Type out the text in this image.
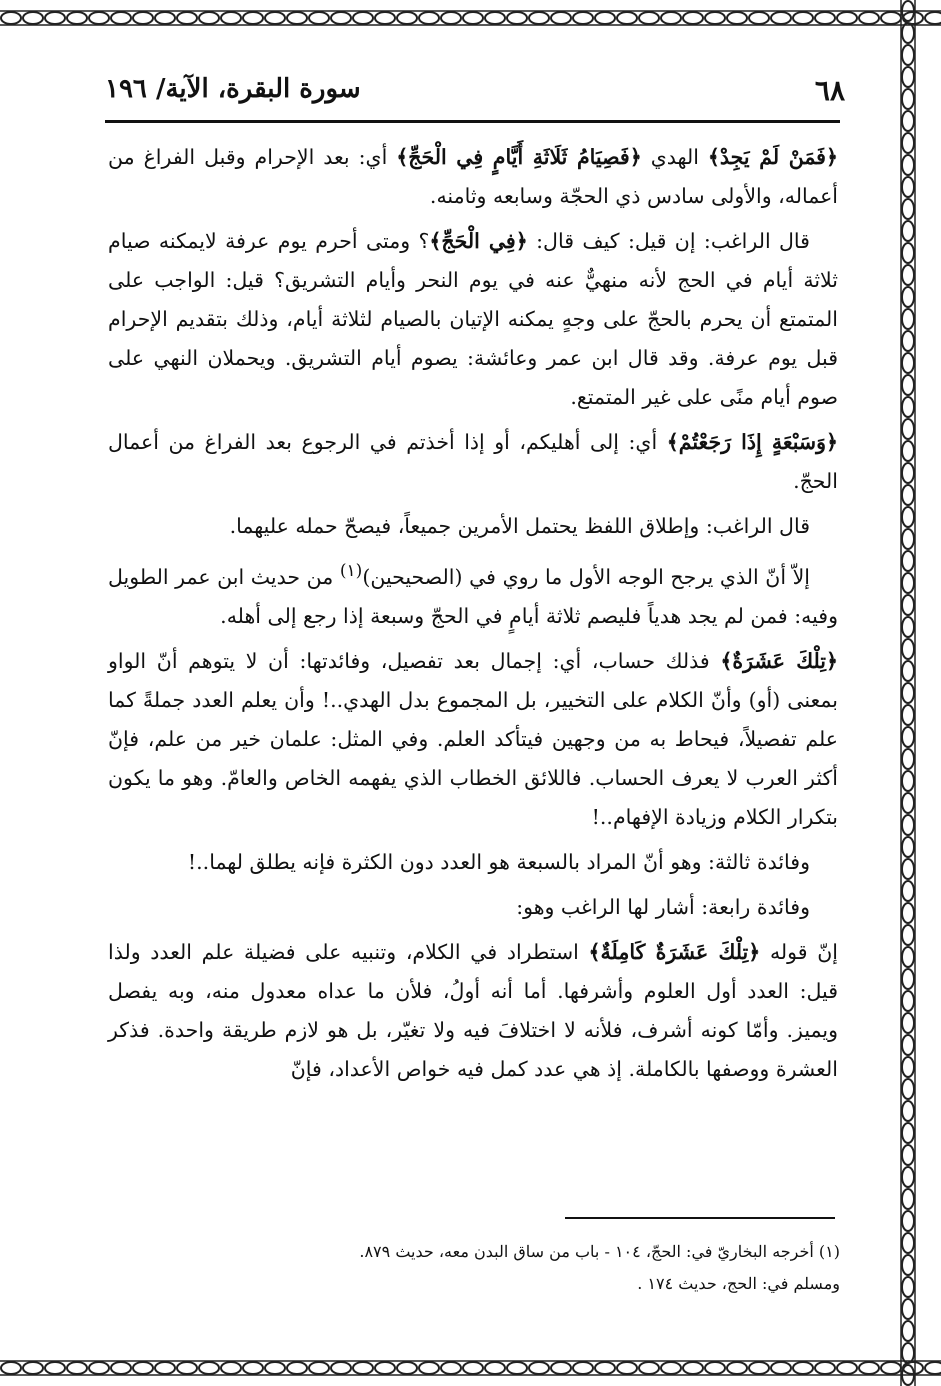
٦٨
سورة البقرة، الآية/ ١٩٦

﴿فَمَنْ لَمْ يَجِدْ﴾ الهدي ﴿فَصِيَامُ ثَلَاثَةِ أَيَّامٍ فِي الْحَجِّ﴾ أي: بعد الإحرام وقبل الفراغ من أعماله، والأولى سادس ذي الحجّة وسابعه وثامنه.

قال الراغب: إن قيل: كيف قال: ﴿فِي الْحَجِّ﴾؟ ومتى أحرم يوم عرفة لايمكنه صيام ثلاثة أيام في الحج لأنه منهيٌّ عنه في يوم النحر وأيام التشريق؟ قيل: الواجب على المتمتع أن يحرم بالحجّ على وجهٍ يمكنه الإتيان بالصيام لثلاثة أيام، وذلك بتقديم الإحرام قبل يوم عرفة. وقد قال ابن عمر وعائشة: يصوم أيام التشريق. ويحملان النهي على صوم أيام منًى على غير المتمتع.

﴿وَسَبْعَةٍ إِذَا رَجَعْتُمْ﴾ أي: إلى أهليكم، أو إذا أخذتم في الرجوع بعد الفراغ من أعمال الحجّ.

قال الراغب: وإطلاق اللفظ يحتمل الأمرين جميعاً، فيصحّ حمله عليهما.

إلاّ أنّ الذي يرجح الوجه الأول ما روي في (الصحيحين)$^{(١)}$ من حديث ابن عمر الطويل وفيه: فمن لم يجد هدياً فليصم ثلاثة أيامٍ في الحجّ وسبعة إذا رجع إلى أهله.

﴿تِلْكَ عَشَرَةٌ﴾ فذلك حساب، أي: إجمال بعد تفصيل، وفائدتها: أن لا يتوهم أنّ الواو بمعنى (أو) وأنّ الكلام على التخيير، بل المجموع بدل الهدي..! وأن يعلم العدد جملةً كما علم تفصيلاً، فيحاط به من وجهين فيتأكد العلم. وفي المثل: علمان خير من علم، فإنّ أكثر العرب لا يعرف الحساب. فاللائق الخطاب الذي يفهمه الخاص والعامّ. وهو ما يكون بتكرار الكلام وزيادة الإفهام..!

وفائدة ثالثة: وهو أنّ المراد بالسبعة هو العدد دون الكثرة فإنه يطلق لهما..!

وفائدة رابعة: أشار لها الراغب وهو:

إنّ قوله ﴿تِلْكَ عَشَرَةٌ كَامِلَةٌ﴾ استطراد في الكلام، وتنبيه على فضيلة علم العدد ولذا قيل: العدد أول العلوم وأشرفها. أما أنه أولُ، فلأن ما عداه معدول منه، وبه يفصل ويميز. وأمّا كونه أشرف، فلأنه لا اختلافَ فيه ولا تغيّر، بل هو لازم طريقة واحدة. فذكر العشرة ووصفها بالكاملة. إذ هي عدد كمل فيه خواص الأعداد، فإنّ

(١) أخرجه البخاريّ في: الحجّ، ١٠٤ - باب من ساق البدن معه، حديث ٨٧٩.
ومسلم في: الحج، حديث ١٧٤ .
